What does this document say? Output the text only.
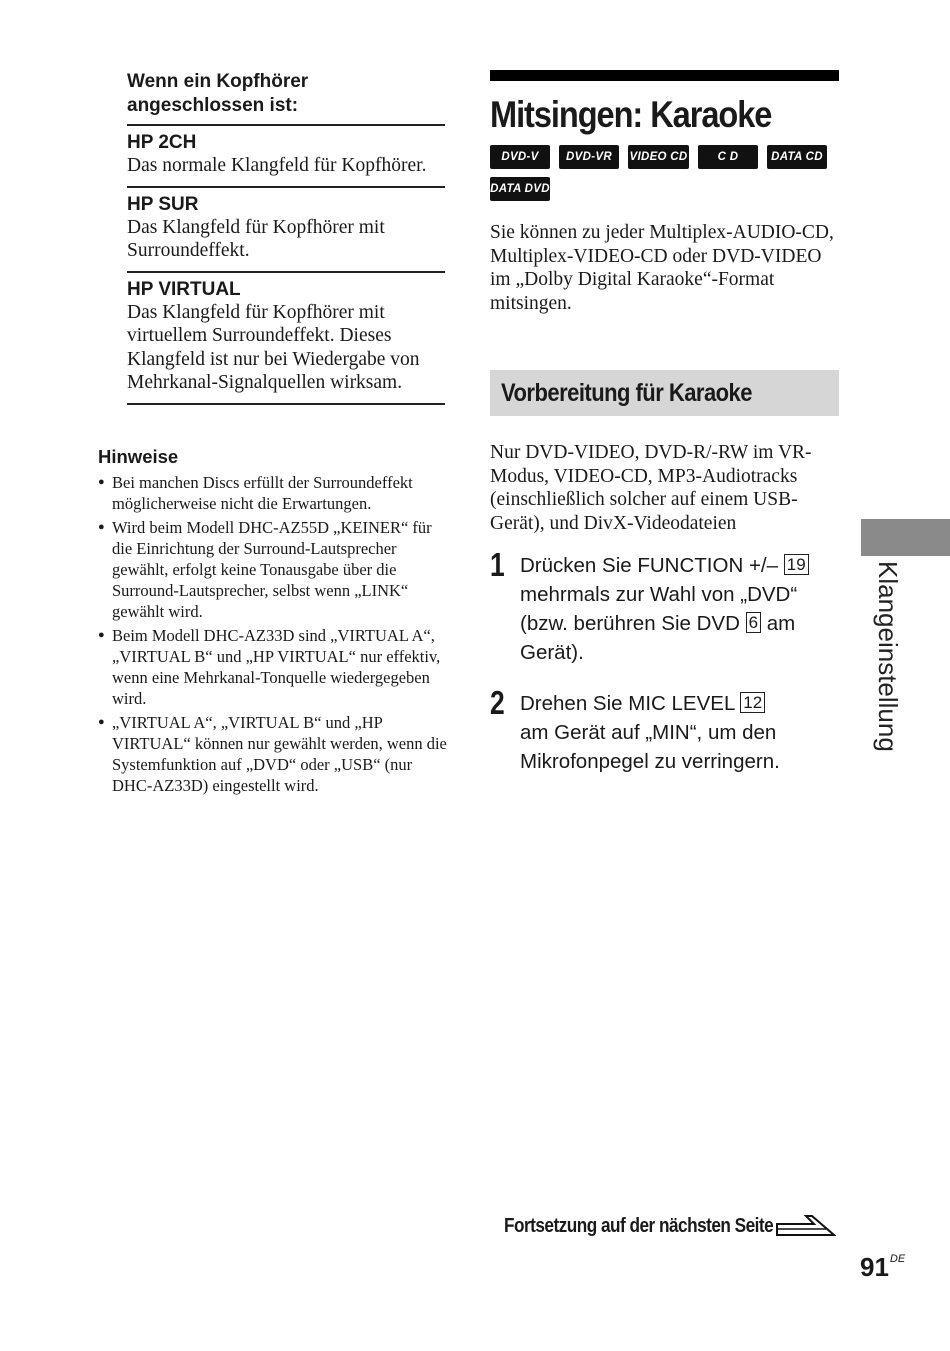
Wenn ein Kopfhörer angeschlossen ist:
HP 2CH
Das normale Klangfeld für Kopfhörer.
HP SUR
Das Klangfeld für Kopfhörer mit Surroundeffekt.
HP VIRTUAL
Das Klangfeld für Kopfhörer mit virtuellem Surroundeffekt. Dieses Klangfeld ist nur bei Wiedergabe von Mehrkanal-Signalquellen wirksam.
Hinweise
● Bei manchen Discs erfüllt der Surroundeffekt möglicherweise nicht die Erwartungen.
● Wird beim Modell DHC-AZ55D „KEINER“ für die Einrichtung der Surround-Lautsprecher gewählt, erfolgt keine Tonausgabe über die Surround-Lautsprecher, selbst wenn „LINK“ gewählt wird.
● Beim Modell DHC-AZ33D sind „VIRTUAL A“, „VIRTUAL B“ und „HP VIRTUAL“ nur effektiv, wenn eine Mehrkanal-Tonquelle wiedergegeben wird.
● „VIRTUAL A“, „VIRTUAL B“ und „HP VIRTUAL“ können nur gewählt werden, wenn die Systemfunktion auf „DVD“ oder „USB“ (nur DHC-AZ33D) eingestellt wird.
Mitsingen: Karaoke
DVD-V	DVD-VR	VIDEO CD	C D	DATA CD
DATA DVD
Sie können zu jeder Multiplex-AUDIO-CD, Multiplex-VIDEO-CD oder DVD-VIDEO im „Dolby Digital Karaoke“-Format mitsingen.
Vorbereitung für Karaoke
Nur DVD-VIDEO, DVD-R/-RW im VR-Modus, VIDEO-CD, MP3-Audiotracks (einschließlich solcher auf einem USB-Gerät), und DivX-Videodateien
1 Drücken Sie FUNCTION +/– 19 mehrmals zur Wahl von „DVD“ (bzw. berühren Sie DVD 6 am Gerät).
2 Drehen Sie MIC LEVEL 12
am Gerät auf „MIN“, um den Mikrofonpegel zu verringern.
Klangeinstellung
Fortsetzung auf der nächsten Seite
91DE
